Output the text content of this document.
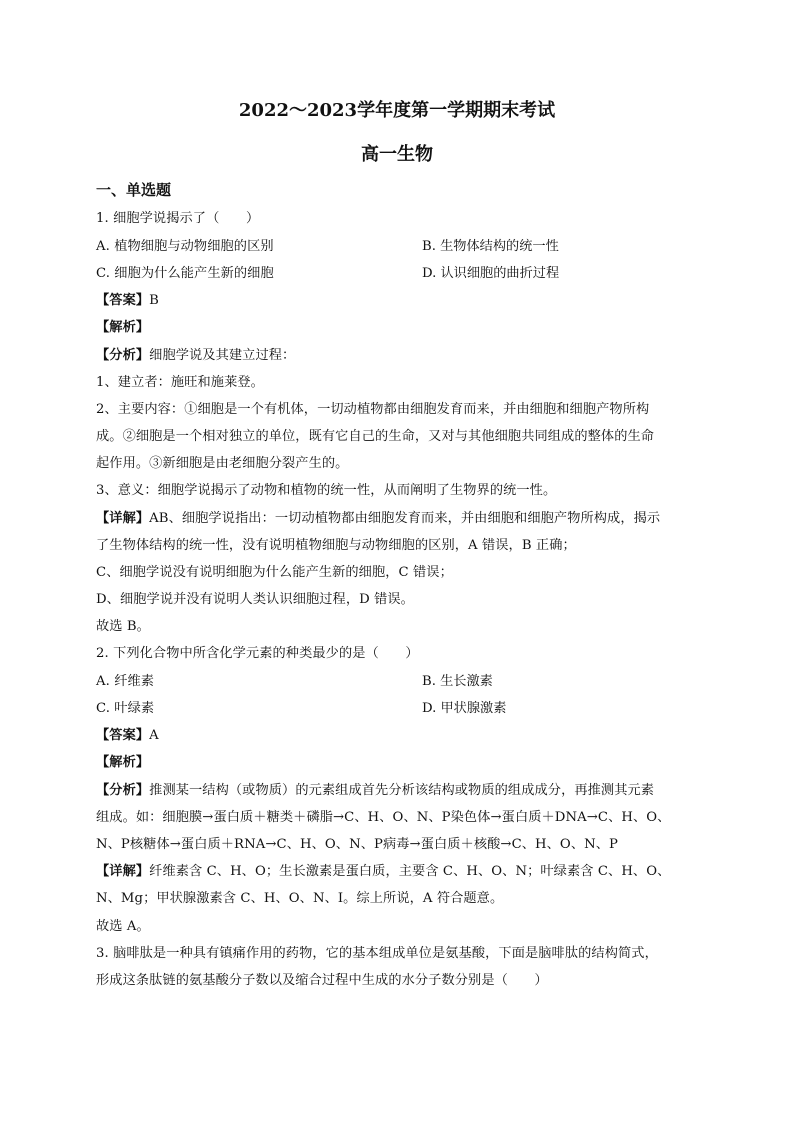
2022～2023学年度第一学期期末考试
高一生物
一、单选题
1. 细胞学说揭示了（　　）
A. 植物细胞与动物细胞的区别	B. 生物体结构的统一性
C. 细胞为什么能产生新的细胞	D. 认识细胞的曲折过程
【答案】B
【解析】
【分析】细胞学说及其建立过程：
1、建立者：施旺和施莱登。
2、主要内容：①细胞是一个有机体，一切动植物都由细胞发育而来，并由细胞和细胞产物所构
成。②细胞是一个相对独立的单位，既有它自己的生命，又对与其他细胞共同组成的整体的生命
起作用。③新细胞是由老细胞分裂产生的。
3、意义：细胞学说揭示了动物和植物的统一性，从而阐明了生物界的统一性。
【详解】AB、细胞学说指出：一切动植物都由细胞发育而来，并由细胞和细胞产物所构成，揭示
了生物体结构的统一性，没有说明植物细胞与动物细胞的区别，A 错误，B 正确；
C、细胞学说没有说明细胞为什么能产生新的细胞，C 错误；
D、细胞学说并没有说明人类认识细胞过程，D 错误。
故选 B。
2. 下列化合物中所含化学元素的种类最少的是（　　）
A. 纤维素	B. 生长激素
C. 叶绿素	D. 甲状腺激素
【答案】A
【解析】
【分析】推测某一结构（或物质）的元素组成首先分析该结构或物质的组成成分，再推测其元素
组成。如：细胞膜→蛋白质＋糖类＋磷脂→C、H、O、N、P染色体→蛋白质＋DNA→C、H、O、
N、P核糖体→蛋白质＋RNA→C、H、O、N、P病毒→蛋白质＋核酸→C、H、O、N、P
【详解】纤维素含 C、H、O；生长激素是蛋白质，主要含 C、H、O、N；叶绿素含 C、H、O、
N、Mg；甲状腺激素含 C、H、O、N、I。综上所说，A 符合题意。
故选 A。
3. 脑啡肽是一种具有镇痛作用的药物，它的基本组成单位是氨基酸，下面是脑啡肽的结构简式，
形成这条肽链的氨基酸分子数以及缩合过程中生成的水分子数分别是（　　）
